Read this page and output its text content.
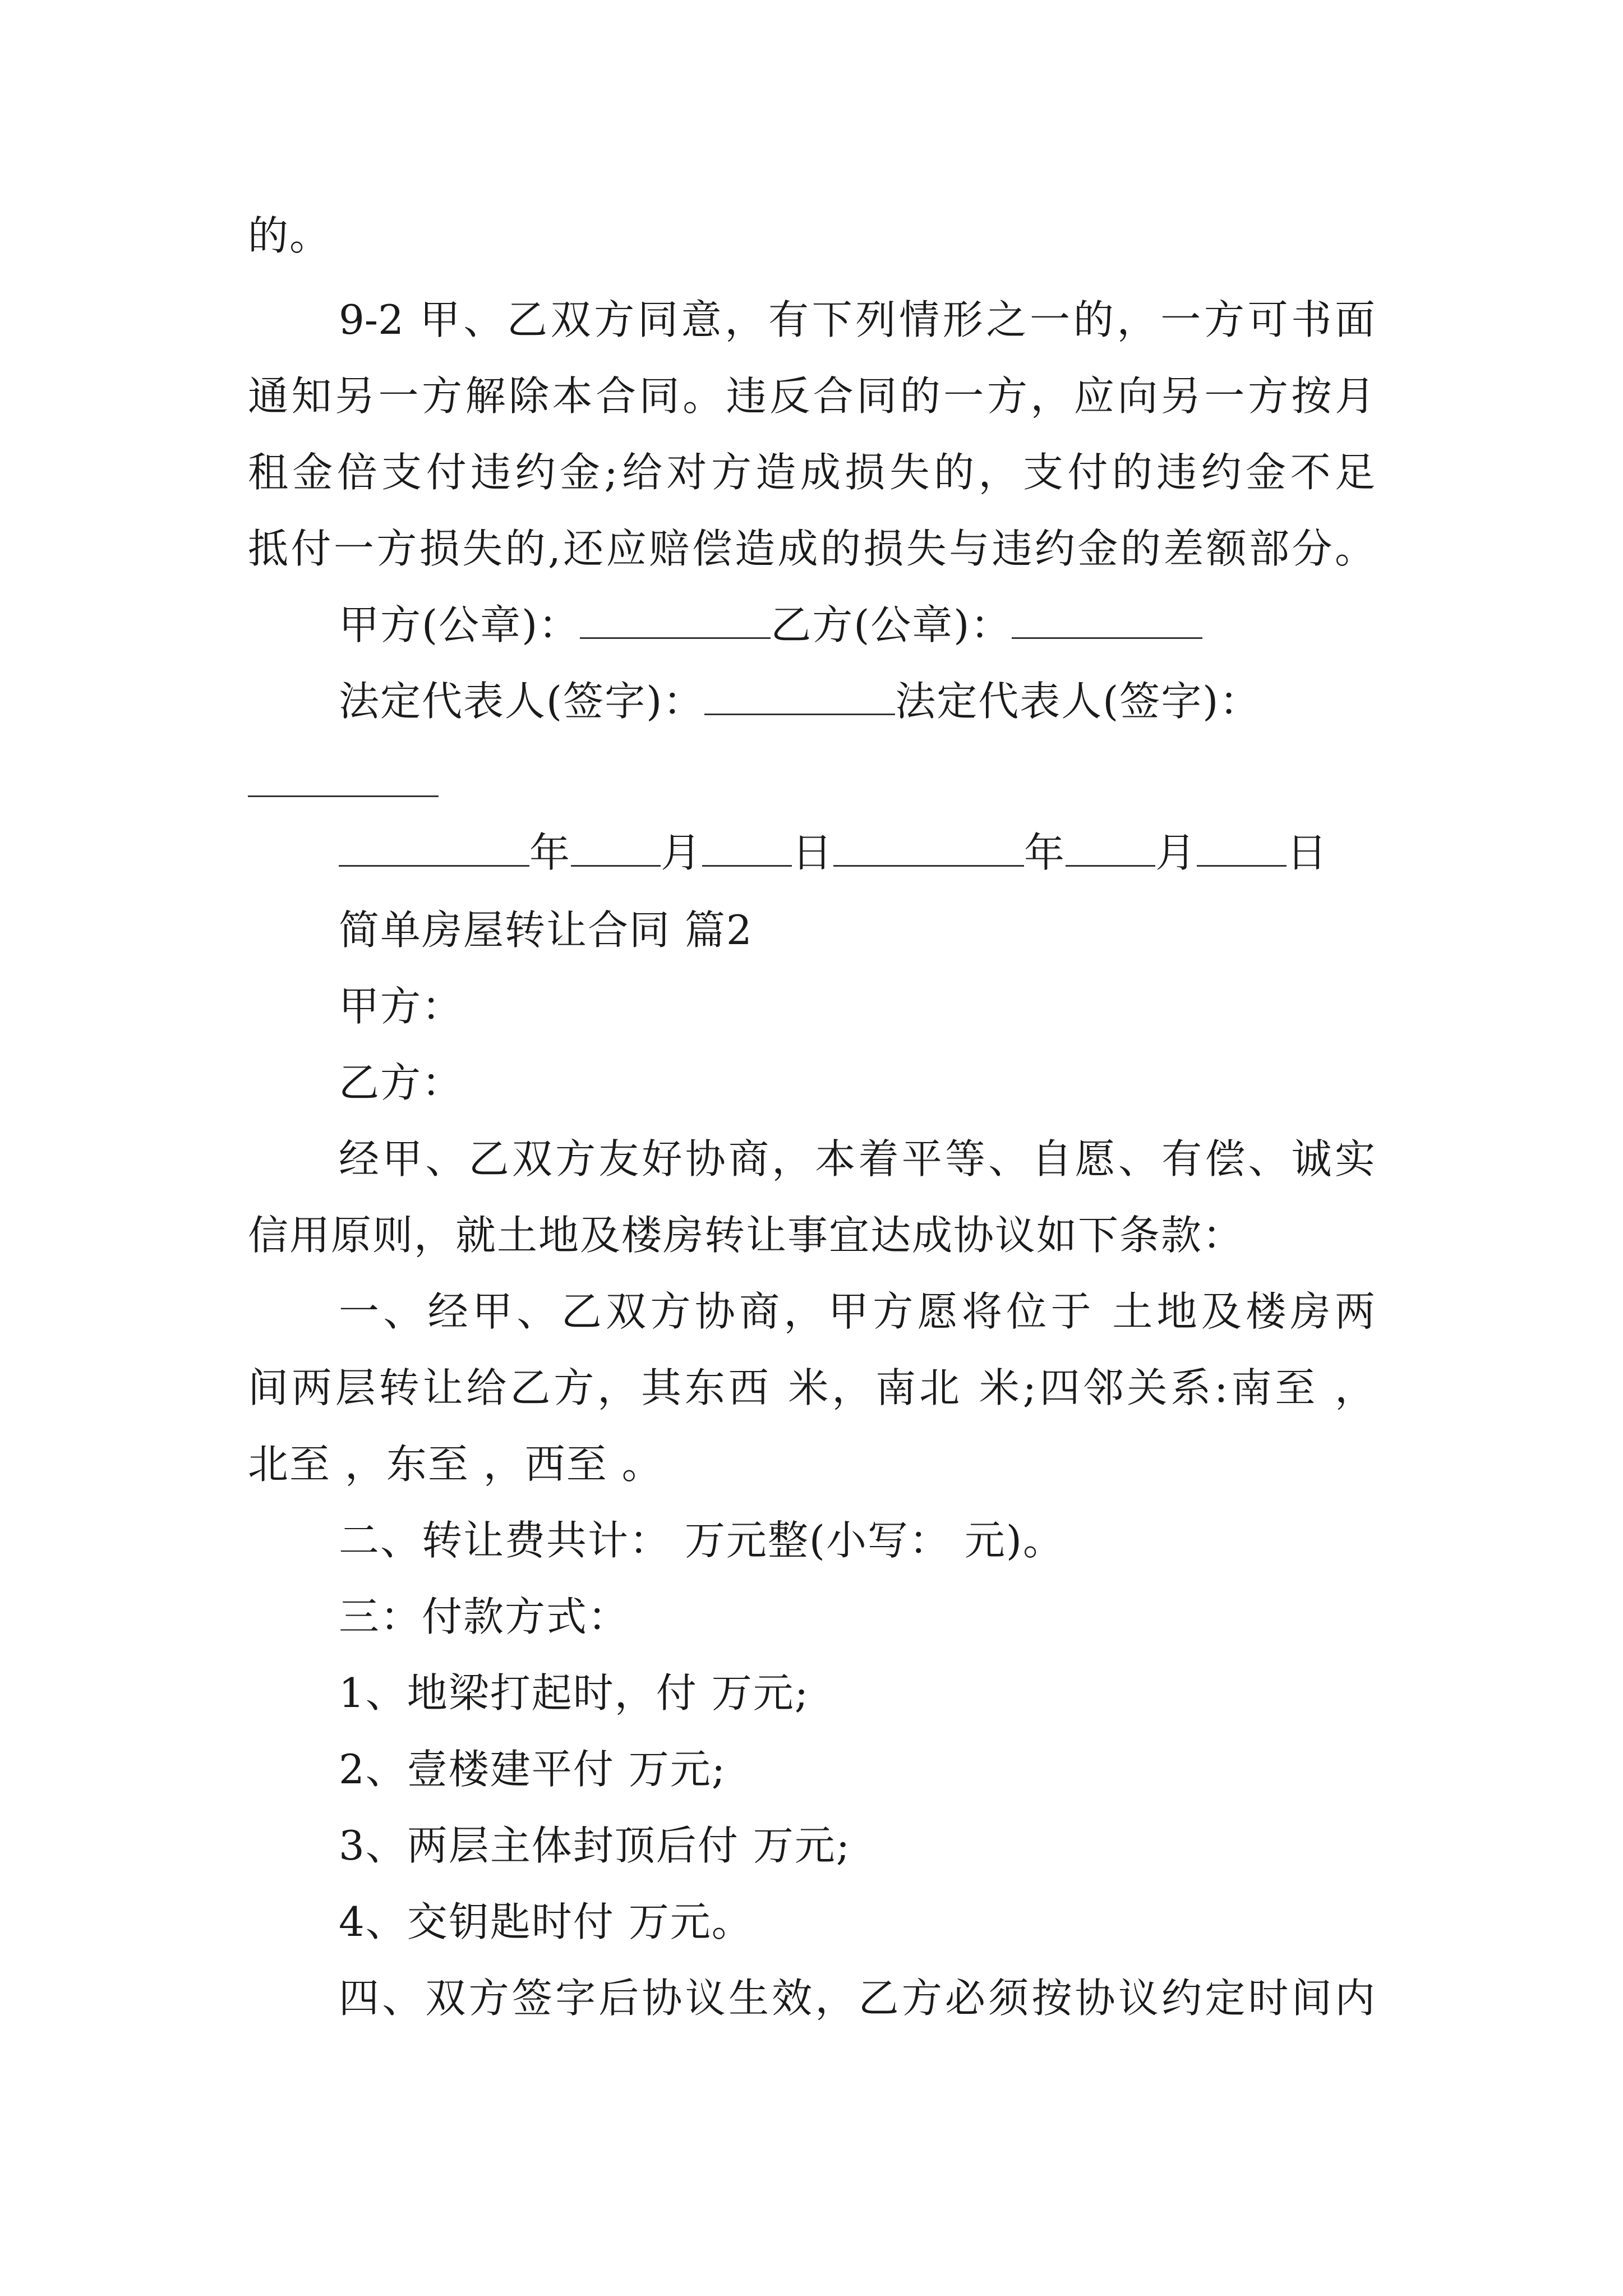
的。
9-2 甲、乙双方同意，有下列情形之一的，一方可书面
通知另一方解除本合同。违反合同的一方，应向另一方按月
租金倍支付违约金;给对方造成损失的，支付的违约金不足
抵付一方损失的,还应赔偿造成的损失与违约金的差额部分。
甲方(公章)：	乙方(公章)：
法定代表人(签字)：	法定代表人(签字)：
年 月 日	年 月 日
简单房屋转让合同 篇2
甲方：
乙方：
经甲、乙双方友好协商，本着平等、自愿、有偿、诚实
信用原则，就土地及楼房转让事宜达成协议如下条款：
一、经甲、乙双方协商，甲方愿将位于 土地及楼房两
间两层转让给乙方，其东西 米，南北 米;四邻关系:南至 ，
北至 ，东至 ，西至 。
二、转让费共计： 万元整(小写： 元)。
三：付款方式：
1、地梁打起时，付 万元;
2、壹楼建平付 万元;
3、两层主体封顶后付 万元;
4、交钥匙时付 万元。
四、双方签字后协议生效，乙方必须按协议约定时间内
